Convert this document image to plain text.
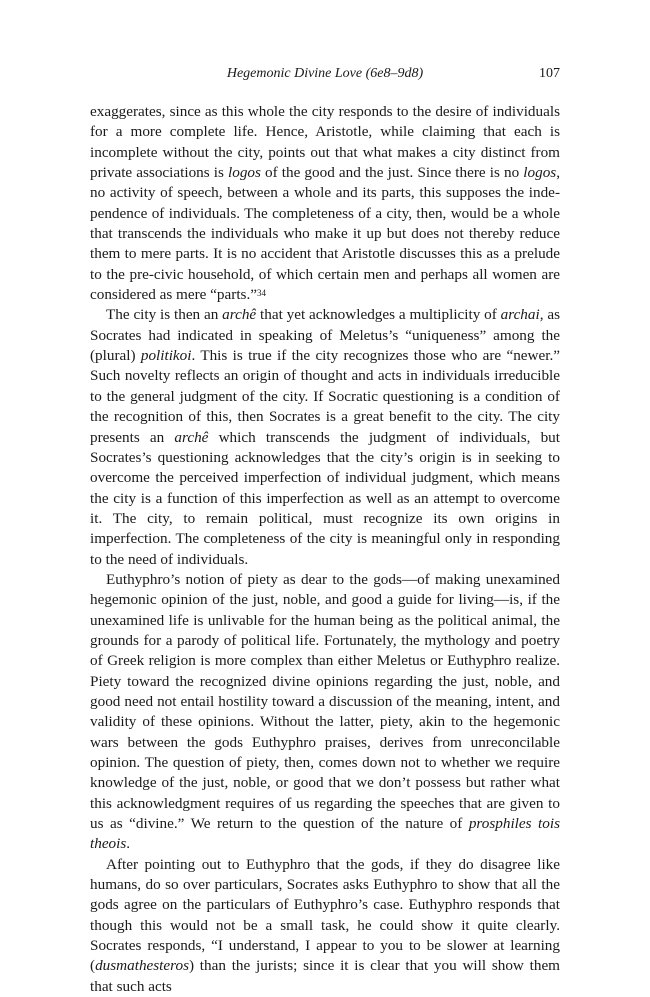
Hegemonic Divine Love (6e8–9d8)	107

exaggerates, since as this whole the city responds to the desire of individuals for a more complete life. Hence, Aristotle, while claiming that each is incomplete without the city, points out that what makes a city distinct from private associations is logos of the good and the just. Since there is no logos, no activity of speech, between a whole and its parts, this supposes the independence of individuals. The completeness of a city, then, would be a whole that transcends the individuals who make it up but does not thereby reduce them to mere parts. It is no accident that Aristotle discusses this as a prelude to the pre-civic household, of which certain men and perhaps all women are considered as mere “parts.”$^{34}$

The city is then an archê that yet acknowledges a multiplicity of archai, as Socrates had indicated in speaking of Meletus’s “uniqueness” among the (plural) politikoi. This is true if the city recognizes those who are “newer.” Such novelty reflects an origin of thought and acts in individuals irreducible to the general judgment of the city. If Socratic questioning is a condition of the recognition of this, then Socrates is a great benefit to the city. The city presents an archê which transcends the judgment of individuals, but Socrates’s questioning acknowledges that the city’s origin is in seeking to overcome the perceived imperfection of individual judgment, which means the city is a function of this imperfection as well as an attempt to overcome it. The city, to remain political, must recognize its own origins in imperfection. The completeness of the city is meaningful only in responding to the need of individuals.

Euthyphro’s notion of piety as dear to the gods—of making unexamined hegemonic opinion of the just, noble, and good a guide for living—is, if the unexamined life is unlivable for the human being as the political animal, the grounds for a parody of political life. Fortunately, the mythology and poetry of Greek religion is more complex than either Meletus or Euthyphro realize. Piety toward the recognized divine opinions regarding the just, noble, and good need not entail hostility toward a discussion of the meaning, intent, and validity of these opinions. Without the latter, piety, akin to the hegemonic wars between the gods Euthyphro praises, derives from unreconcilable opinion. The question of piety, then, comes down not to whether we require knowledge of the just, noble, or good that we don’t possess but rather what this acknowledgment requires of us regarding the speeches that are given to us as “divine.” We return to the question of the nature of prosphiles tois theois.

After pointing out to Euthyphro that the gods, if they do disagree like humans, do so over particulars, Socrates asks Euthyphro to show that all the gods agree on the particulars of Euthyphro’s case. Euthyphro responds that though this would not be a small task, he could show it quite clearly. Socrates responds, “I understand, I appear to you to be slower at learning (dusmathesteros) than the jurists; since it is clear that you will show them that such acts
